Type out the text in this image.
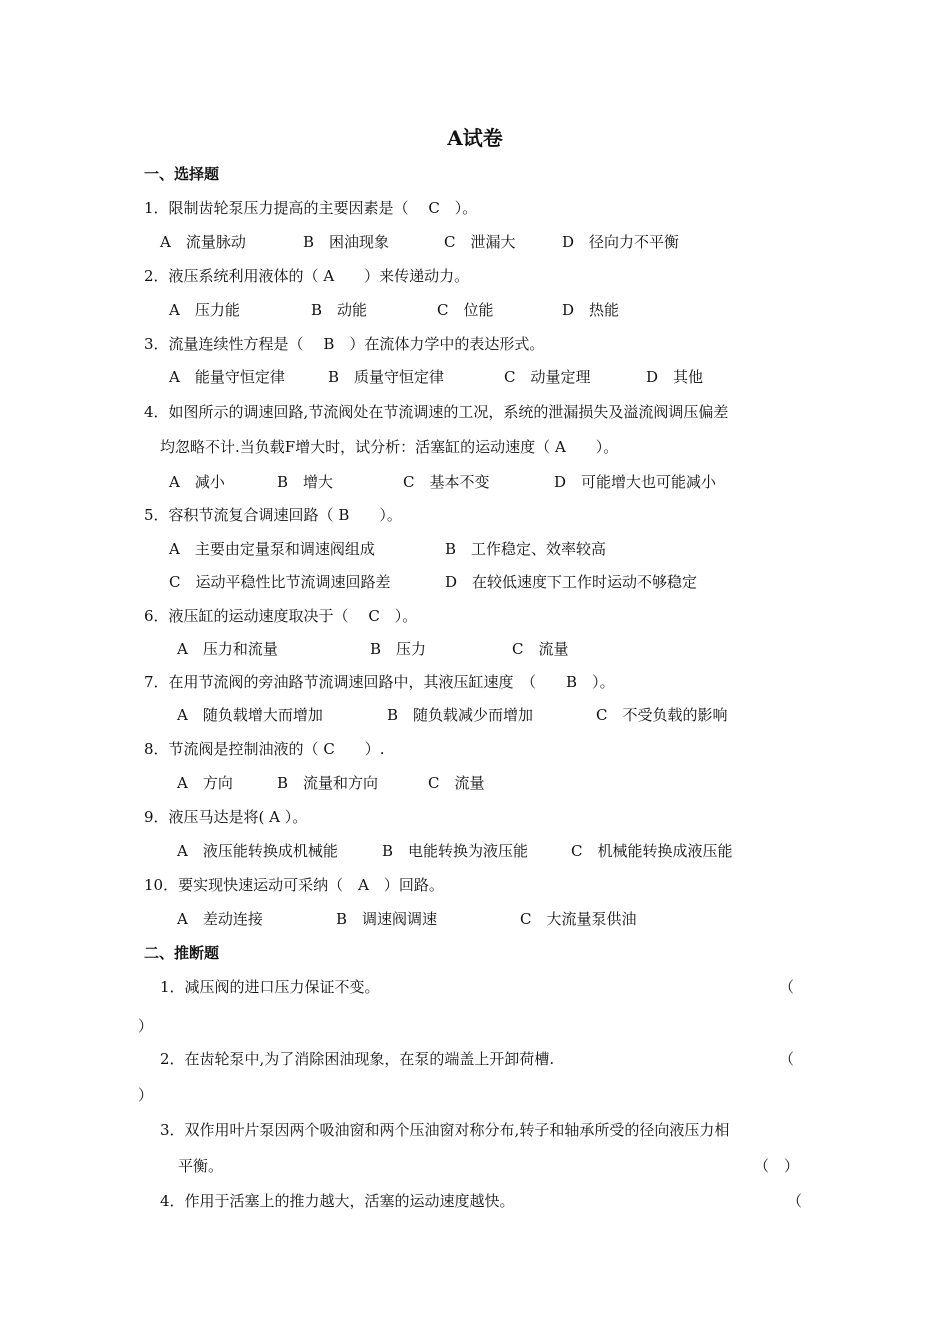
A试卷
一、选择题
1．限制齿轮泵压力提高的主要因素是（　 C　）。
A　流量脉动	B　困油现象	C　泄漏大	D　径向力不平衡
2．液压系统利用液体的（ A　　）来传递动力。
A　压力能	B　动能	C　位能	D　热能
3．流量连续性方程是（　 B　）在流体力学中的表达形式。
A　能量守恒定律	B　质量守恒定律	C　动量定理	D　其他
4．如图所示的调速回路,节流阀处在节流调速的工况，系统的泄漏损失及溢流阀调压偏差
均忽略不计.当负载F增大时，试分析：活塞缸的运动速度（ A　　）。
A　减小	B　增大	C　基本不变	D　可能增大也可能减小
5．容积节流复合调速回路（ B　　）。
A　主要由定量泵和调速阀组成	B　工作稳定、效率较高
C　运动平稳性比节流调速回路差	D　在较低速度下工作时运动不够稳定
6．液压缸的运动速度取决于（　 C　）。
A　压力和流量	B　压力	C　流量
7．在用节流阀的旁油路节流调速回路中，其液压缸速度　（　　B　）。
A　随负载增大而增加	B　随负载减少而增加	C　不受负载的影响
8．节流阀是控制油液的（ C　　）.
A　方向	B　流量和方向	C　流量
9．液压马达是将( A ）。
A　液压能转换成机械能	B　电能转换为液压能	C　机械能转换成液压能
10．要实现快速运动可采纳（　A　）回路。
A　差动连接	B　调速阀调速	C　大流量泵供油
二、推断题
1．减压阀的进口压力保证不变。	（
）
2．在齿轮泵中,为了消除困油现象，在泵的端盖上开卸荷槽.	（
）
3．双作用叶片泵因两个吸油窗和两个压油窗对称分布,转子和轴承所受的径向液压力相
平衡。	（　）
4．作用于活塞上的推力越大，活塞的运动速度越快。	（
